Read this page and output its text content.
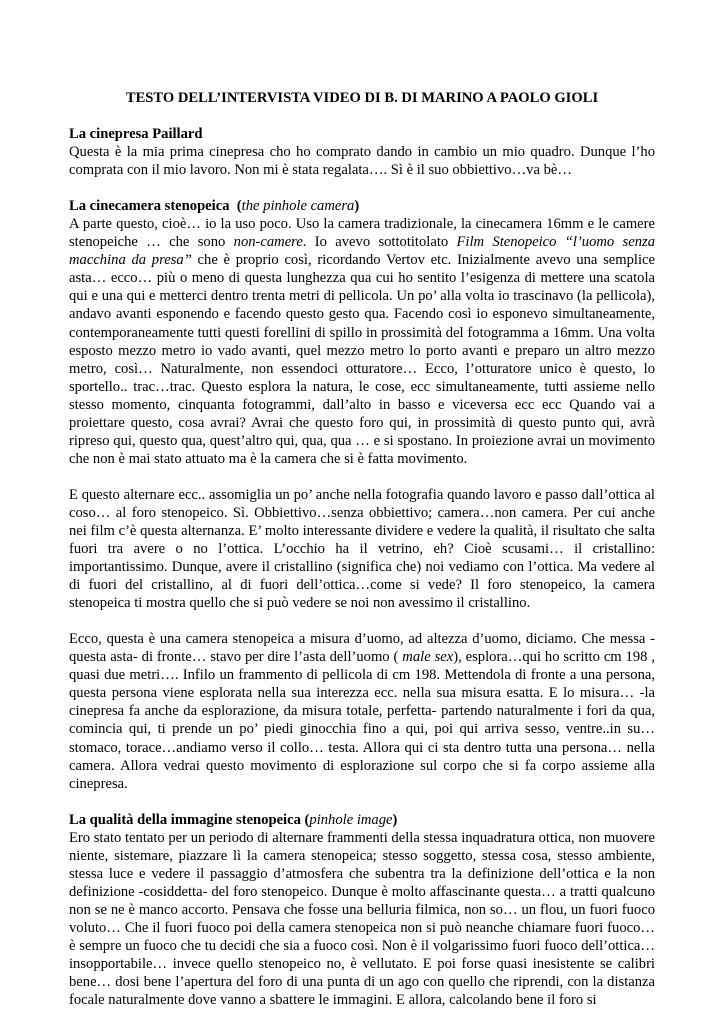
TESTO DELL’INTERVISTA VIDEO DI B. DI MARINO A PAOLO GIOLI
La cinepresa Paillard

Questa è la mia prima cinepresa cho ho comprato dando in cambio un mio quadro. Dunque l’ho comprata con il mio lavoro. Non mi è stata regalata…. Sì è il suo obbiettivo…va bè…

La cinecamera stenopeica (the pinhole camera)

A parte questo, cioè… io la uso poco. Uso la camera tradizionale, la cinecamera 16mm e le camere stenopeiche … che sono non-camere. Io avevo sottotitolato Film Stenopeico “l’uomo senza macchina da presa” che è proprio così, ricordando Vertov etc. Inizialmente avevo una semplice asta… ecco… più o meno di questa lunghezza qua cui ho sentito l’esigenza di mettere una scatola qui e una qui e metterci dentro trenta metri di pellicola. Un po’ alla volta io trascinavo (la pellicola), andavo avanti esponendo e facendo questo gesto qua. Facendo così io esponevo simultaneamente, contemporaneamente tutti questi forellini di spillo in prossimità del fotogramma a 16mm. Una volta esposto mezzo metro io vado avanti, quel mezzo metro lo porto avanti e preparo un altro mezzo metro, così… Naturalmente, non essendoci otturatore… Ecco, l’otturatore unico è questo, lo sportello.. trac…trac. Questo esplora la natura, le cose, ecc simultaneamente, tutti assieme nello stesso momento, cinquanta fotogrammi, dall’alto in basso e viceversa ecc ecc Quando vai a proiettare questo, cosa avrai? Avrai che questo foro qui, in prossimità di questo punto qui, avrà ripreso qui, questo qua, quest’altro qui, qua, qua … e si spostano. In proiezione avrai un movimento che non è mai stato attuato ma è la camera che si è fatta movimento.

E questo alternare ecc.. assomiglia un po’ anche nella fotografia quando lavoro e passo dall’ottica al coso… al foro stenopeico. Sì. Obbiettivo…senza obbiettivo; camera…non camera. Per cui anche nei film c’è questa alternanza. E’ molto interessante dividere e vedere la qualità, il risultato che salta fuori tra avere o no l’ottica. L’occhio ha il vetrino, eh? Cioè scusami… il cristallino: importantissimo. Dunque, avere il cristallino (significa che) noi vediamo con l’ottica. Ma vedere al di fuori del cristallino, al di fuori dell’ottica…come si vede? Il foro stenopeico, la camera stenopeica ti mostra quello che si può vedere se noi non avessimo il cristallino.

Ecco, questa è una camera stenopeica a misura d’uomo, ad altezza d’uomo, diciamo. Che messa - questa asta- di fronte… stavo per dire l’asta dell’uomo ( male sex), esplora…qui ho scritto cm 198 , quasi due metri…. Infilo un frammento di pellicola di cm 198. Mettendola di fronte a una persona, questa persona viene esplorata nella sua interezza ecc. nella sua misura esatta. E lo misura… -la cinepresa fa anche da esplorazione, da misura totale, perfetta- partendo naturalmente i fori da qua, comincia qui, ti prende un po’ piedi ginocchia fino a qui, poi qui arriva sesso, ventre..in su… stomaco, torace…andiamo verso il collo… testa. Allora qui ci sta dentro tutta una persona… nella camera. Allora vedrai questo movimento di esplorazione sul corpo che si fa corpo assieme alla cinepresa.

La qualità della immagine stenopeica (pinhole image)

Ero stato tentato per un periodo di alternare frammenti della stessa inquadratura ottica, non muovere niente, sistemare, piazzare lì la camera stenopeica; stesso soggetto, stessa cosa, stesso ambiente, stessa luce e vedere il passaggio d’atmosfera che subentra tra la definizione dell’ottica e la non definizione -cosiddetta- del foro stenopeico. Dunque è molto affascinante questa… a tratti qualcuno non se ne è manco accorto. Pensava che fosse una belluria filmica, non so… un flou, un fuori fuoco voluto… Che il fuori fuoco poi della camera stenopeica non si può neanche chiamare fuori fuoco… è sempre un fuoco che tu decidi che sia a fuoco così. Non è il volgarissimo fuori fuoco dell’ottica…insopportabile… invece quello stenopeico no, è vellutato. E poi forse quasi inesistente se calibri bene… dosi bene l’apertura del foro di una punta di un ago con quello che riprendi, con la distanza focale naturalmente dove vanno a sbattere le immagini. E allora, calcolando bene il foro si
